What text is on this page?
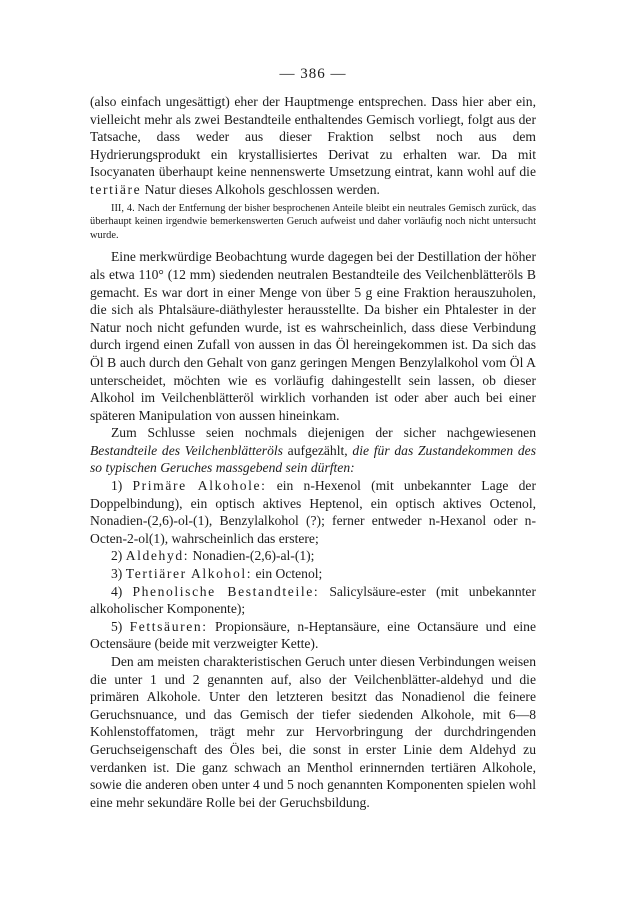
— 386 —

(also einfach ungesättigt) eher der Hauptmenge entsprechen. Dass hier aber ein, vielleicht mehr als zwei Bestandteile enthaltendes Gemisch vorliegt, folgt aus der Tatsache, dass weder aus dieser Fraktion selbst noch aus dem Hydrierungsprodukt ein krystallisiertes Derivat zu erhalten war. Da mit Isocyanaten überhaupt keine nennenswerte Umsetzung eintrat, kann wohl auf die tertiäre Natur dieses Alkohols geschlossen werden.

III, 4. Nach der Entfernung der bisher besprochenen Anteile bleibt ein neutrales Gemisch zurück, das überhaupt keinen irgendwie bemerkenswerten Geruch aufweist und daher vorläufig noch nicht untersucht wurde.

Eine merkwürdige Beobachtung wurde dagegen bei der Destillation der höher als etwa 110° (12 mm) siedenden neutralen Bestandteile des Veilchenblätteröls B gemacht. Es war dort in einer Menge von über 5 g eine Fraktion herauszuholen, die sich als Phtalsäure-diäthylester herausstellte. Da bisher ein Phtalester in der Natur noch nicht gefunden wurde, ist es wahrscheinlich, dass diese Verbindung durch irgend einen Zufall von aussen in das Öl hereingekommen ist. Da sich das Öl B auch durch den Gehalt von ganz geringen Mengen Benzylalkohol vom Öl A unterscheidet, möchten wie es vorläufig dahingestellt sein lassen, ob dieser Alkohol im Veilchenblätteröl wirklich vorhanden ist oder aber auch bei einer späteren Manipulation von aussen hineinkam.

Zum Schlusse seien nochmals diejenigen der sicher nachgewiesenen Bestandteile des Veilchenblätteröls aufgezählt, die für das Zustandekommen des so typischen Geruches massgebend sein dürften:

1) Primäre Alkohole: ein n-Hexenol (mit unbekannter Lage der Doppelbindung), ein optisch aktives Heptenol, ein optisch aktives Octenol, Nonadien-(2,6)-ol-(1), Benzylalkohol (?); ferner entweder n-Hexanol oder n-Octen-2-ol(1), wahrscheinlich das erstere;

2) Aldehyd: Nonadien-(2,6)-al-(1);

3) Tertiärer Alkohol: ein Octenol;

4) Phenolische Bestandteile: Salicylsäure-ester (mit unbekannter alkoholischer Komponente);

5) Fettsäuren: Propionsäure, n-Heptansäure, eine Octansäure und eine Octensäure (beide mit verzweigter Kette).

Den am meisten charakteristischen Geruch unter diesen Verbindungen weisen die unter 1 und 2 genannten auf, also der Veilchenblätter-aldehyd und die primären Alkohole. Unter den letzteren besitzt das Nonadienol die feinere Geruchsnuance, und das Gemisch der tiefer siedenden Alkohole, mit 6—8 Kohlenstoffatomen, trägt mehr zur Hervorbringung der durchdringenden Geruchseigenschaft des Öles bei, die sonst in erster Linie dem Aldehyd zu verdanken ist. Die ganz schwach an Menthol erinnernden tertiären Alkohole, sowie die anderen oben unter 4 und 5 noch genannten Komponenten spielen wohl eine mehr sekundäre Rolle bei der Geruchsbildung.
